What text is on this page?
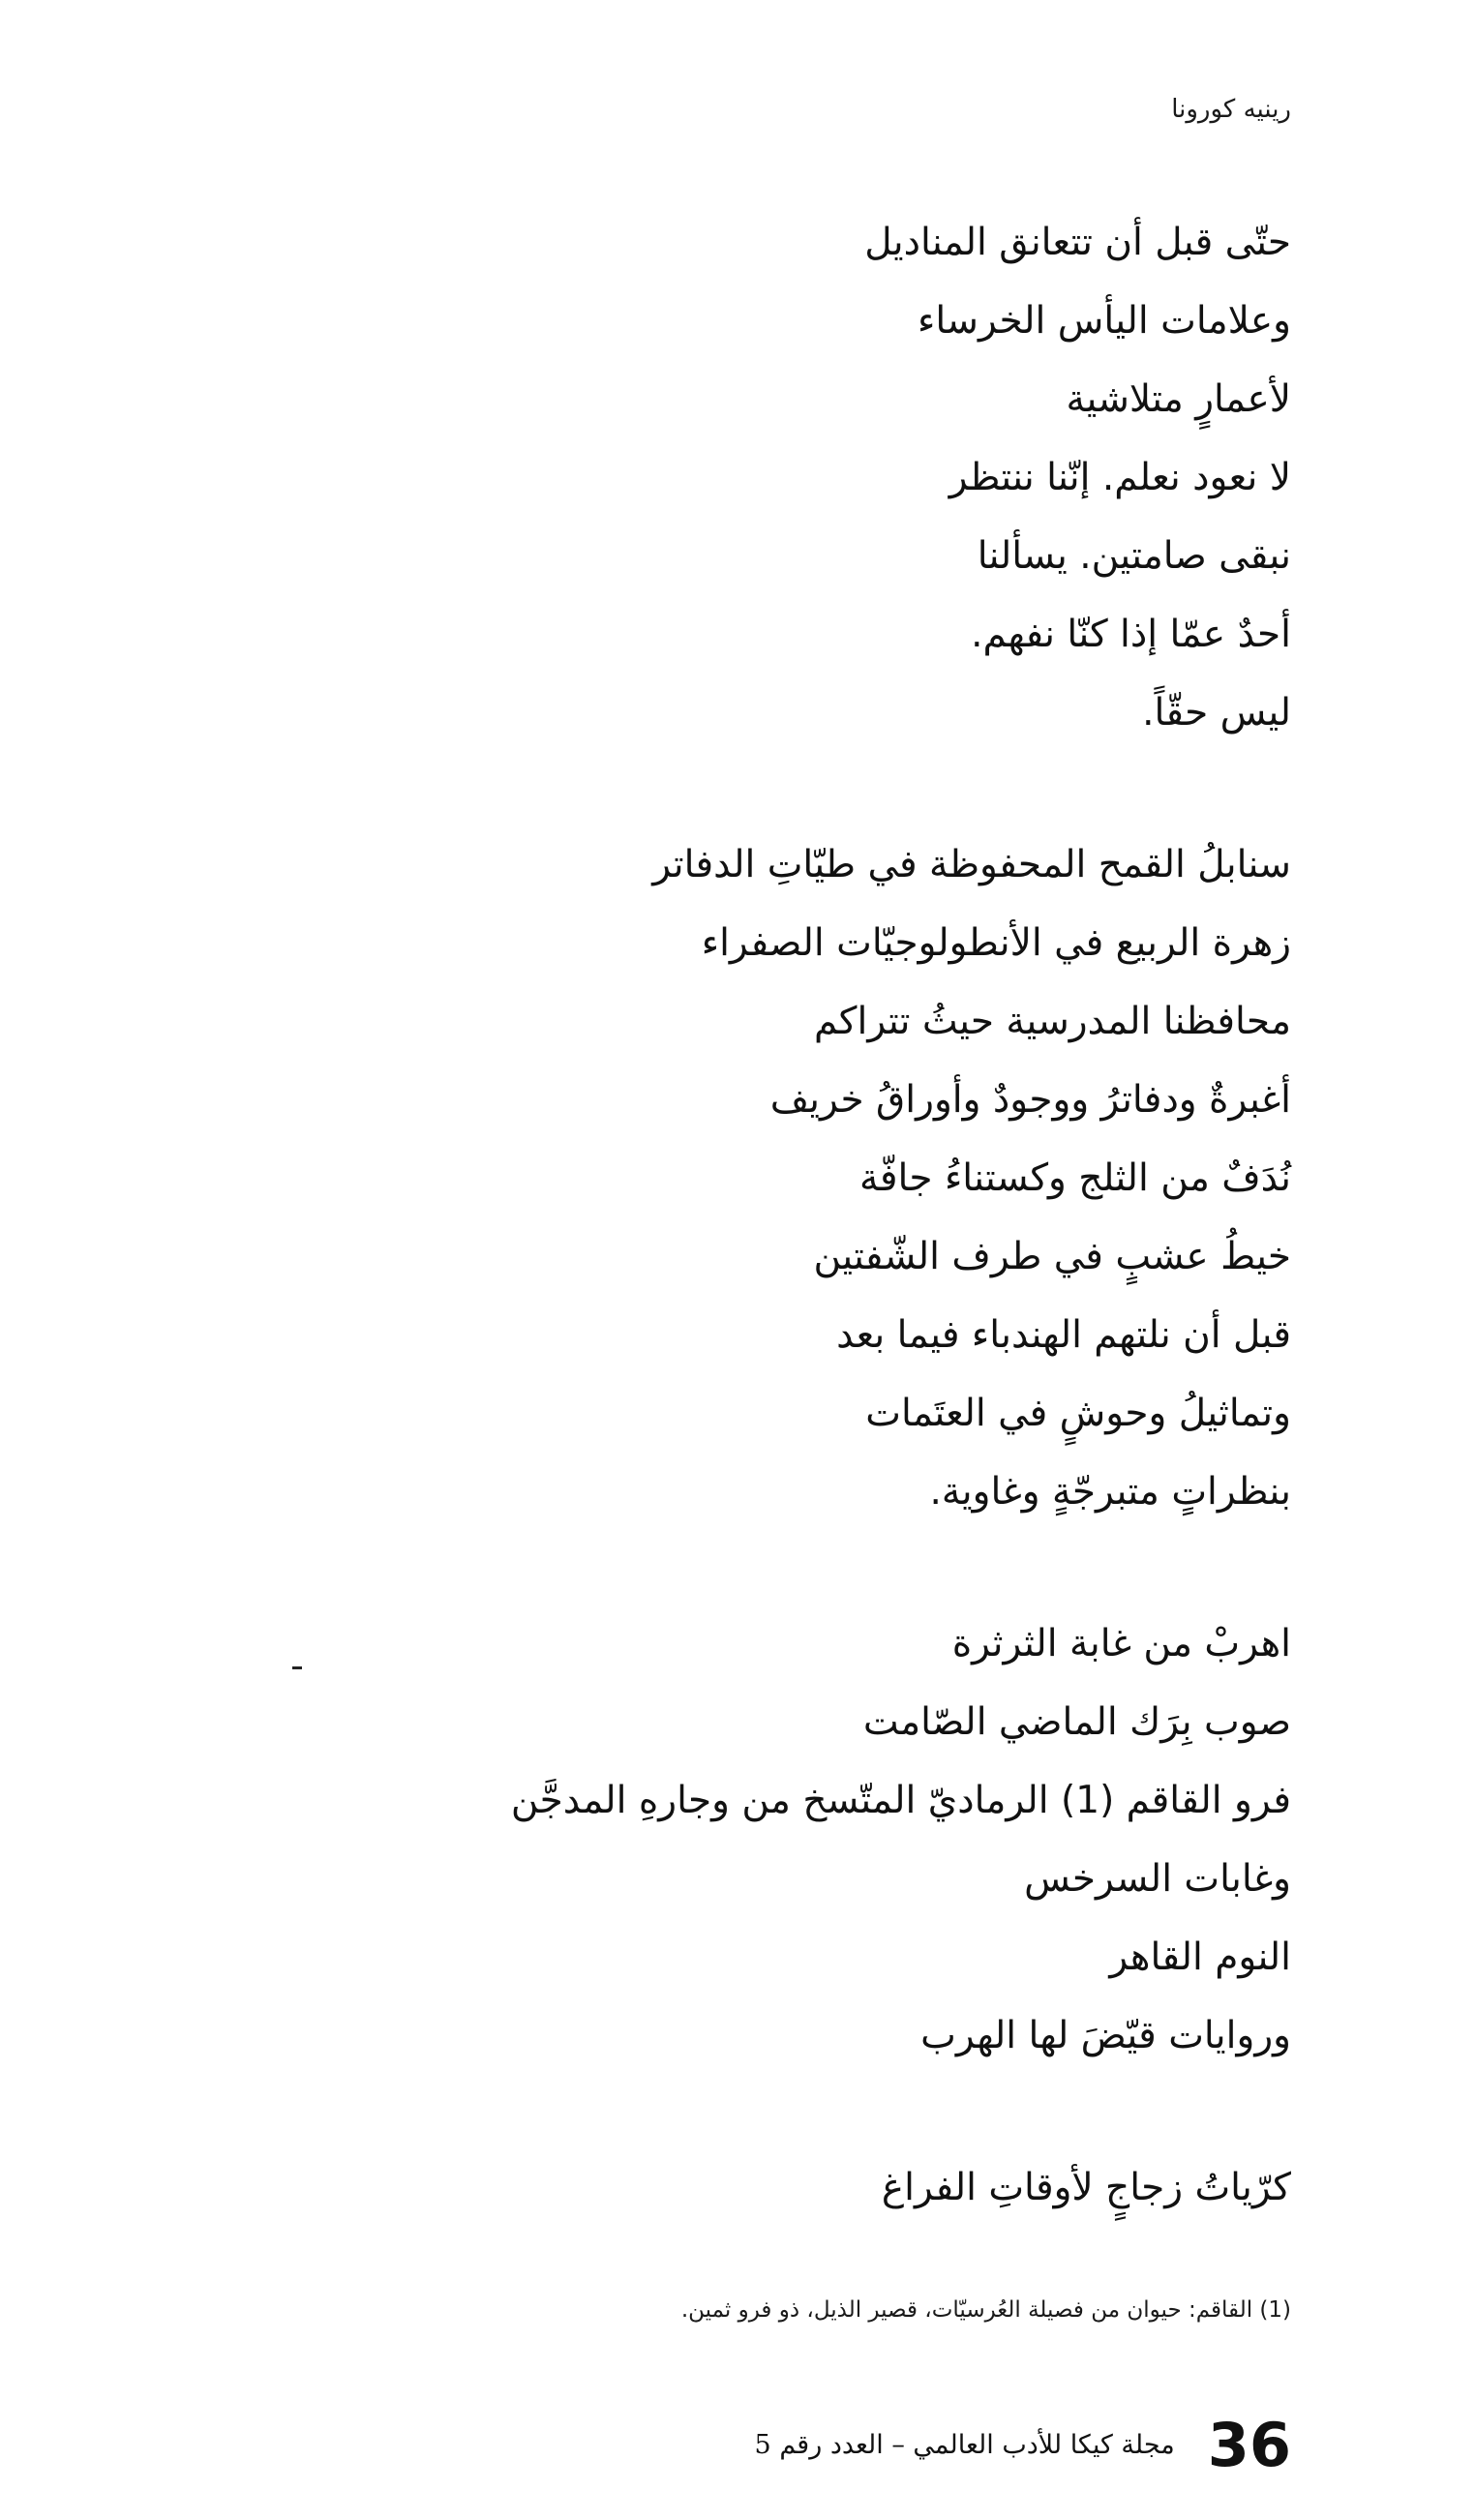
رينيه كورونا
حتّى قبل أن تتعانق المناديل
وعلامات اليأس الخرساء
لأعمارٍ متلاشية
لا نعود نعلم. إنّنا ننتظر
نبقى صامتين. يسألنا
أحدٌ عمّا إذا كنّا نفهم.
ليس حقّاً.
سنابلُ القمح المحفوظة في طيّاتِ الدفاتر
زهرة الربيع في الأنطولوجيّات الصفراء
محافظنا المدرسية حيثُ تتراكم
أغبرةٌ ودفاترُ ووجودٌ وأوراقُ خريف
نُدَفٌ من الثلج وكستناءُ جافّة
خيطُ عشبٍ في طرف الشّفتين
قبل أن نلتهم الهندباء فيما بعد
وتماثيلُ وحوشٍ في العتَمات
بنظراتٍ متبرجّةٍ وغاوية.
اهربْ من غابة الثرثرة
صوب بِرَك الماضي الصّامت
فرو القاقم (1) الرماديّ المتّسخ من وجارهِ المدجَّن
وغابات السرخس
النوم القاهر
وروايات قيّضَ لها الهرب
كرّياتُ زجاجٍ لأوقاتِ الفراغ
(1) القاقم: حيوان من فصيلة العُرسيّات، قصير الذيل، ذو فرو ثمين.
36
مجلة كيكا للأدب العالمي – العدد رقم 5
